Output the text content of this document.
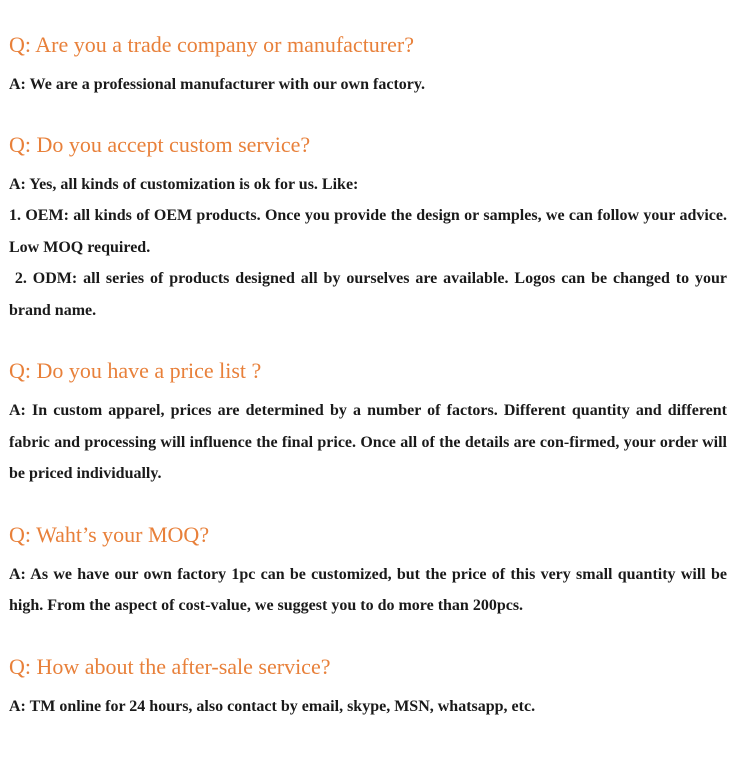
Q: Are you a trade company or manufacturer?
A: We are a professional manufacturer with our own factory.
Q: Do you accept custom service?
A: Yes, all kinds of customization is ok for us. Like:
1. OEM: all kinds of OEM products. Once you provide the design or samples, we can follow your advice. Low MOQ required.
2. ODM: all series of products designed all by ourselves are available. Logos can be changed to your brand name.
Q: Do you have a price list ?
A: In custom apparel, prices are determined by a number of factors. Different quantity and different fabric and processing will influence the final price. Once all of the details are con-firmed, your order will be priced individually.
Q: Waht’s your MOQ?
A: As we have our own factory 1pc can be customized, but the price of this very small quantity will be high. From the aspect of cost-value, we suggest you to do more than 200pcs.
Q: How about the after-sale service?
A: TM online for 24 hours, also contact by email, skype, MSN, whatsapp, etc.
